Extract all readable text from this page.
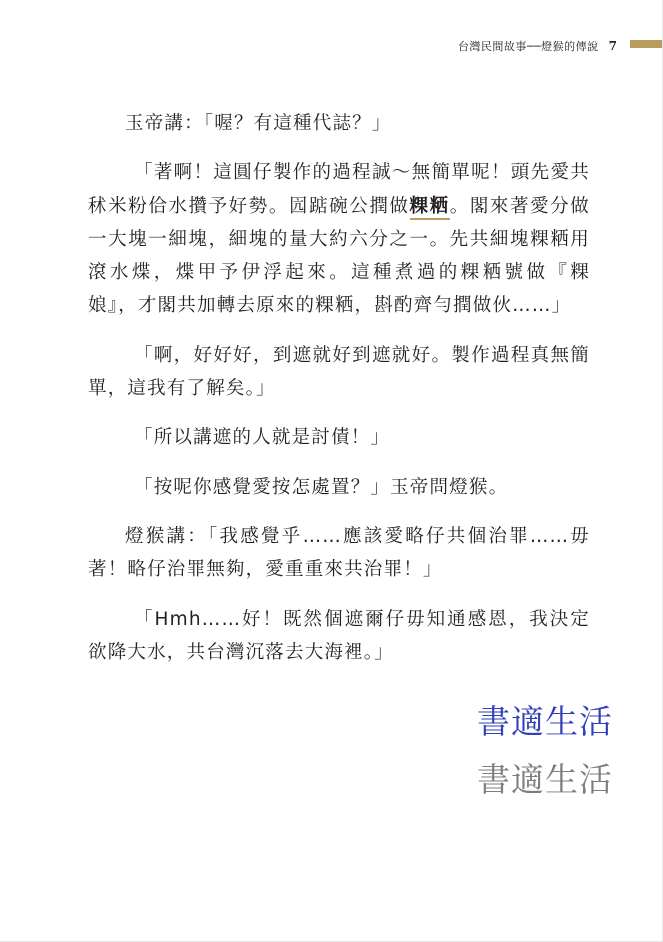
台灣民間故事──燈猴的傳說 7

玉帝講：「喔？有這種代誌？」

「著啊！這圓仔製作的過程誠～無簡單呢！頭先愛共秫米粉佮水攢予好勢。囥踮碗公撋做粿粞。閣來著愛分做一大塊一細塊，細塊的量大約六分之一。先共細塊粿粞用滾水煠，煠甲予伊浮起來。這種煮過的粿粞號做『粿娘』，才閣共加轉去原來的粿粞，斟酌齊勻撋做伙……」

「啊，好好好，到遮就好到遮就好。製作過程真無簡單，這我有了解矣。」

「所以講遮的人就是討債！」

「按呢你感覺愛按怎處置？」玉帝問燈猴。

燈猴講：「我感覺乎……應該愛略仔共個治罪……毋著！略仔治罪無夠，愛重重來共治罪！」

「Hmh……好！既然個遮爾仔毋知通感恩，我決定欲降大水，共台灣沉落去大海裡。」

書適生活
書適生活
